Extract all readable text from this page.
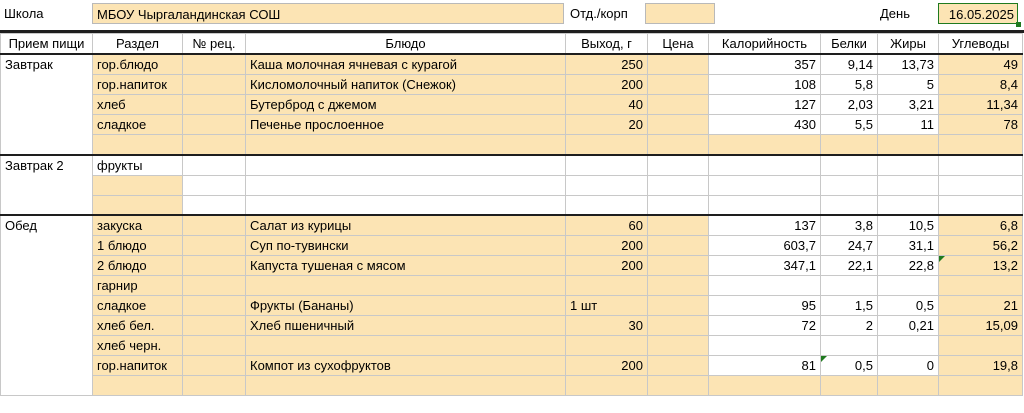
Школа	МБОУ Чыргаландинская СОШ	Отд./корп	День	16.05.2025
Прием пищи	Раздел	№ рец.	Блюдо	Выход, г	Цена	Калорийность	Белки	Жиры	Углеводы
Завтрак	гор.блюдо		Каша молочная ячневая с курагой	250		357	9,14	13,73	49
	гор.напиток		Кисломолочный напиток (Снежок)	200		108	5,8	5	8,4
	хлеб		Бутерброд с джемом	40		127	2,03	3,21	11,34
	сладкое		Печенье прослоенное	20		430	5,5	11	78

Завтрак 2	фрукты								

Обед	закуска		Салат из курицы	60		137	3,8	10,5	6,8
	1 блюдо		Суп по-тувински	200		603,7	24,7	31,1	56,2
	2 блюдо		Капуста тушеная с мясом	200		347,1	22,1	22,8	13,2
	гарнир								
	сладкое		Фрукты (Бананы)	1 шт		95	1,5	0,5	21
	хлеб бел.		Хлеб пшеничный	30		72	2	0,21	15,09
	хлеб черн.								
	гор.напиток		Компот из сухофруктов	200		81	0,5	0	19,8
